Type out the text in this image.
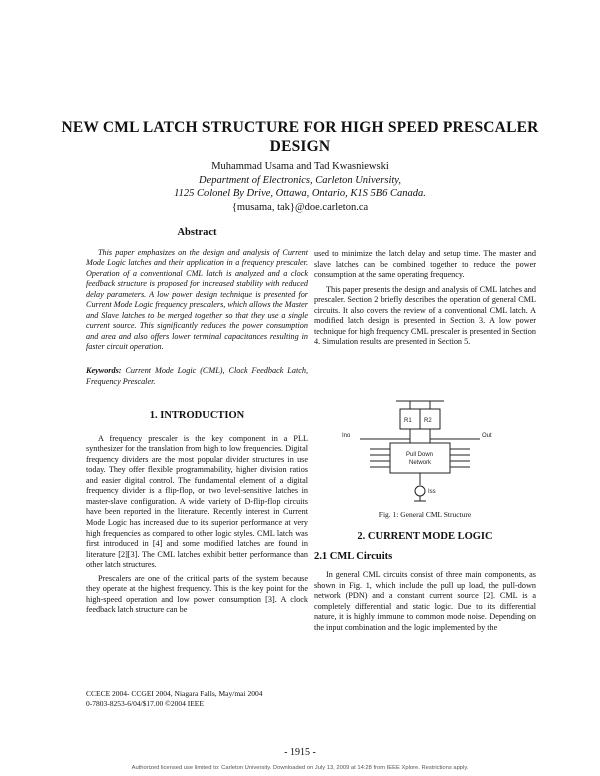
NEW CML LATCH STRUCTURE FOR HIGH SPEED PRESCALER
DESIGN
Muhammad Usama and Tad Kwasniewski
Department of Electronics, Carleton University,
1125 Colonel By Drive, Ottawa, Ontario, K1S 5B6 Canada.
{musama, tak}@doe.carleton.ca

Abstract

This paper emphasizes on the design and analysis of Current Mode Logic latches and their application in a frequency prescaler. Operation of a conventional CML latch is analyzed and a clock feedback structure is proposed for increased stability with reduced delay parameters. A low power design technique is presented for Current Mode Logic frequency prescalers, which allows the Master and Slave latches to be merged together so that they use a single current source. This significantly reduces the power consumption and area and also offers lower terminal capacitances resulting in faster circuit operation.

Keywords: Current Mode Logic (CML), Clock Feedback Latch, Frequency Prescaler.

1. INTRODUCTION

A frequency prescaler is the key component in a PLL synthesizer for the translation from high to low frequencies. Digital frequency dividers are the most popular divider structures in use today. They offer flexible programmability, higher division ratios and easier digital control. The fundamental element of a digital frequency divider is a flip-flop, or two level-sensitive latches in master-slave configuration. A wide variety of D-flip-flop circuits have been reported in the literature. Recently interest in Current Mode Logic has increased due to its superior performance at very high frequencies as compared to other logic styles. CML latch was first introduced in [4] and some modified latches are found in literature [2][3]. The CML latches exhibit better performance than other latch structures.

Prescalers are one of the critical parts of the system because they operate at the highest frequency. This is the key point for the high-speed operation and low power consumption [3]. A clock feedback latch structure can be

used to minimize the latch delay and setup time. The master and slave latches can be combined together to reduce the power consumption at the same operating frequency.

This paper presents the design and analysis of CML latches and prescaler. Section 2 briefly describes the operation of general CML circuits. It also covers the review of a conventional CML latch. A modified latch design is presented in Section 3. A low power technique for high frequency CML prescaler is presented in Section 4. Simulation results are presented in Section 5.

R1 R2
Pull Down
Network
Ino	Out
Iss
Fig. 1: General CML Structure

2. CURRENT MODE LOGIC

2.1 CML Circuits

In general CML circuits consist of three main components, as shown in Fig. 1, which include the pull up load, the pull-down network (PDN) and a constant current source [2]. CML is a completely differential and static logic. Due to its differential nature, it is highly immune to common mode noise. Depending on the input combination and the logic implemented by the

CCECE 2004- CCGEI 2004, Niagara Falls, May/mai 2004
0-7803-8253-6/04/$17.00 ©2004 IEEE
- 1915 -
Authorized licensed use limited to: Carleton University. Downloaded on July 13, 2009 at 14:28 from IEEE Xplore. Restrictions apply.
